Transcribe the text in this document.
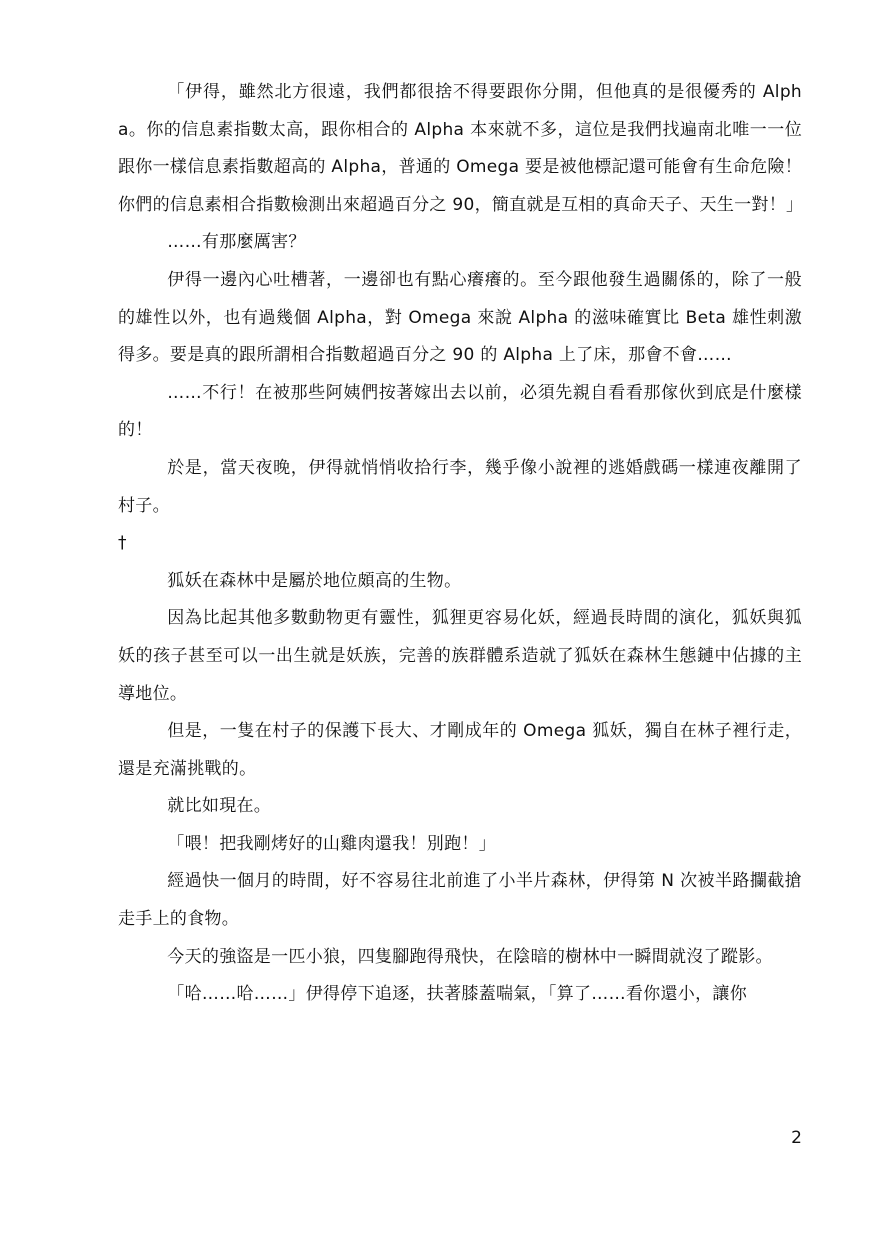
「伊得，雖然北方很遠，我們都很捨不得要跟你分開，但他真的是很優秀的 Alpha。你的信息素指數太高，跟你相合的 Alpha 本來就不多，這位是我們找遍南北唯一一位跟你一樣信息素指數超高的 Alpha，普通的 Omega 要是被他標記還可能會有生命危險！你們的信息素相合指數檢測出來超過百分之 90，簡直就是互相的真命天子、天生一對！」

……有那麼厲害？

伊得一邊內心吐槽著，一邊卻也有點心癢癢的。至今跟他發生過關係的，除了一般的雄性以外，也有過幾個 Alpha，對 Omega 來說 Alpha 的滋味確實比 Beta 雄性刺激得多。要是真的跟所謂相合指數超過百分之 90 的 Alpha 上了床，那會不會……

……不行！在被那些阿姨們按著嫁出去以前，必須先親自看看那傢伙到底是什麼樣的！

於是，當天夜晚，伊得就悄悄收拾行李，幾乎像小說裡的逃婚戲碼一樣連夜離開了村子。

†

狐妖在森林中是屬於地位頗高的生物。

因為比起其他多數動物更有靈性，狐狸更容易化妖，經過長時間的演化，狐妖與狐妖的孩子甚至可以一出生就是妖族，完善的族群體系造就了狐妖在森林生態鏈中佔據的主導地位。

但是，一隻在村子的保護下長大、才剛成年的 Omega 狐妖，獨自在林子裡行走，還是充滿挑戰的。

就比如現在。

「喂！把我剛烤好的山雞肉還我！別跑！」

經過快一個月的時間，好不容易往北前進了小半片森林，伊得第 N 次被半路攔截搶走手上的食物。

今天的強盜是一匹小狼，四隻腳跑得飛快，在陰暗的樹林中一瞬間就沒了蹤影。

「哈……哈……」伊得停下追逐，扶著膝蓋喘氣，「算了……看你還小，讓你

2
